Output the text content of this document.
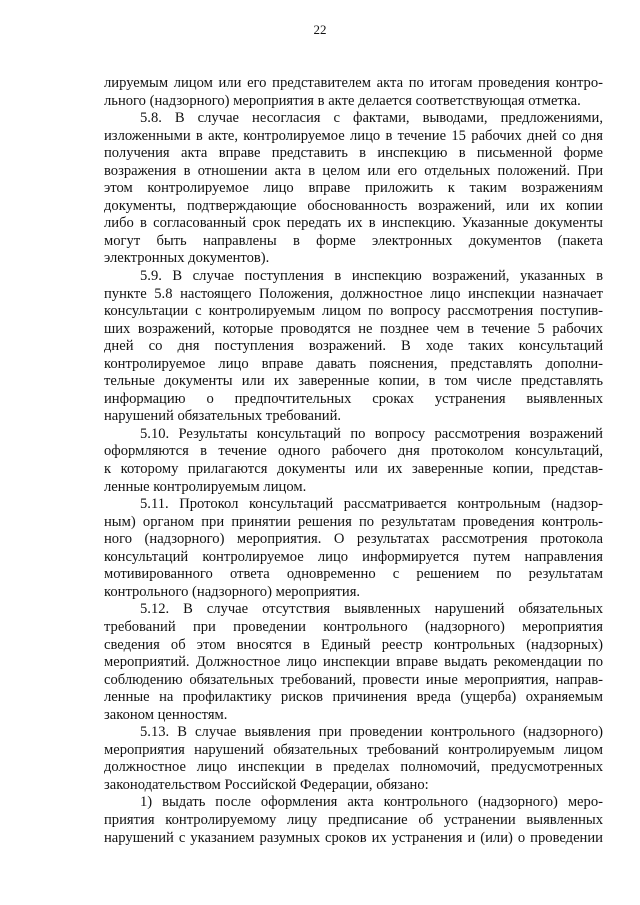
22

лируемым лицом или его представителем акта по итогам проведения контро-

льного (надзорного) мероприятия в акте делается соответствующая отметка.

5.8. В случае несогласия с фактами, выводами, предложениями,

изложенными в акте, контролируемое лицо в течение 15 рабочих дней со дня

получения акта вправе представить в инспекцию в письменной форме

возражения в отношении акта в целом или его отдельных положений. При

этом контролируемое лицо вправе приложить к таким возражениям

документы, подтверждающие обоснованность возражений, или их копии

либо в согласованный срок передать их в инспекцию. Указанные документы

могут быть направлены в форме электронных документов (пакета

электронных документов).

5.9. В случае поступления в инспекцию возражений, указанных в

пункте 5.8 настоящего Положения, должностное лицо инспекции назначает

консультации с контролируемым лицом по вопросу рассмотрения поступив-

ших возражений, которые проводятся не позднее чем в течение 5 рабочих

дней со дня поступления возражений. В ходе таких консультаций

контролируемое лицо вправе давать пояснения, представлять дополни-

тельные документы или их заверенные копии, в том числе представлять

информацию о предпочтительных сроках устранения выявленных

нарушений обязательных требований.

5.10. Результаты консультаций по вопросу рассмотрения возражений

оформляются в течение одного рабочего дня протоколом консультаций,

к которому прилагаются документы или их заверенные копии, представ-

ленные контролируемым лицом.

5.11. Протокол консультаций рассматривается контрольным (надзор-

ным) органом при принятии решения по результатам проведения контроль-

ного (надзорного) мероприятия. О результатах рассмотрения протокола

консультаций контролируемое лицо информируется путем направления

мотивированного ответа одновременно с решением по результатам

контрольного (надзорного) мероприятия.

5.12. В случае отсутствия выявленных нарушений обязательных

требований при проведении контрольного (надзорного) мероприятия

сведения об этом вносятся в Единый реестр контрольных (надзорных)

мероприятий. Должностное лицо инспекции вправе выдать рекомендации по

соблюдению обязательных требований, провести иные мероприятия, направ-

ленные на профилактику рисков причинения вреда (ущерба) охраняемым

законом ценностям.

5.13. В случае выявления при проведении контрольного (надзорного)

мероприятия нарушений обязательных требований контролируемым лицом

должностное лицо инспекции в пределах полномочий, предусмотренных

законодательством Российской Федерации, обязано:

1) выдать после оформления акта контрольного (надзорного) меро-

приятия контролируемому лицу предписание об устранении выявленных

нарушений с указанием разумных сроков их устранения и (или) о проведении
